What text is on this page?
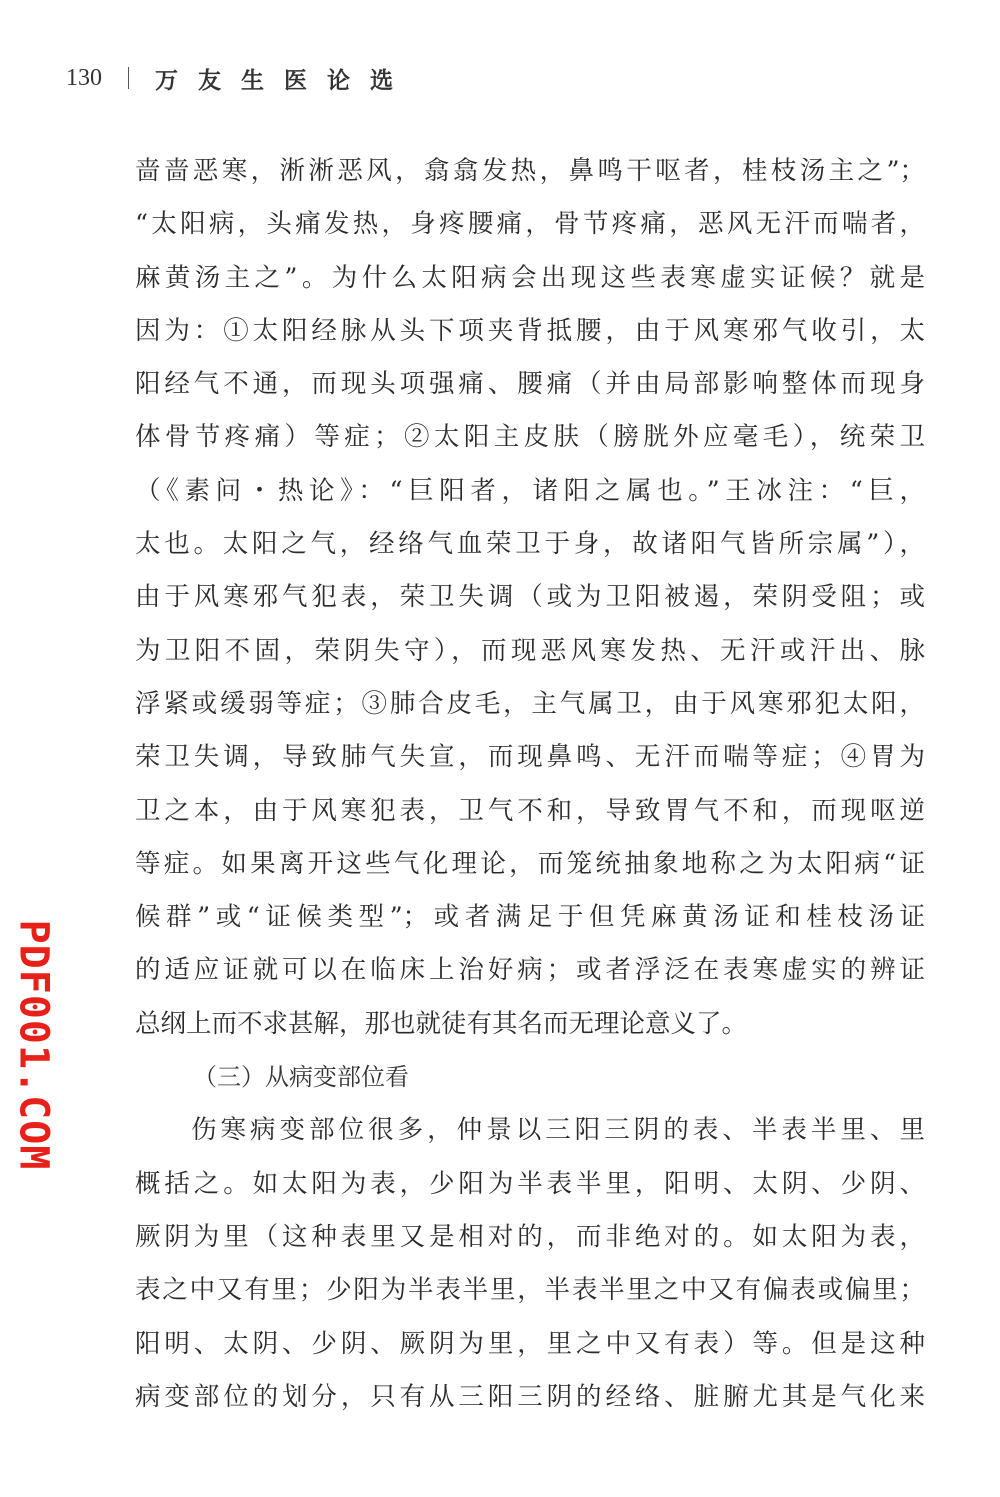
130 万友生医论选
啬啬恶寒，淅淅恶风，翕翕发热，鼻鸣干呕者，桂枝汤主之”；
“太阳病，头痛发热，身疼腰痛，骨节疼痛，恶风无汗而喘者，
麻黄汤主之”。为什么太阳病会出现这些表寒虚实证候？就是
因为：①太阳经脉从头下项夹背抵腰，由于风寒邪气收引，太
阳经气不通，而现头项强痛、腰痛（并由局部影响整体而现身
体骨节疼痛）等症；②太阳主皮肤（膀胱外应毫毛），统荣卫
（《素问・热论》：“巨阳者，诸阳之属也。”王冰注：“巨，
太也。太阳之气，经络气血荣卫于身，故诸阳气皆所宗属”），
由于风寒邪气犯表，荣卫失调（或为卫阳被遏，荣阴受阻；或
为卫阳不固，荣阴失守），而现恶风寒发热、无汗或汗出、脉
浮紧或缓弱等症；③肺合皮毛，主气属卫，由于风寒邪犯太阳，
荣卫失调，导致肺气失宣，而现鼻鸣、无汗而喘等症；④胃为
卫之本，由于风寒犯表，卫气不和，导致胃气不和，而现呕逆
等症。如果离开这些气化理论，而笼统抽象地称之为太阳病“证
候群”或“证候类型”；或者满足于但凭麻黄汤证和桂枝汤证
的适应证就可以在临床上治好病；或者浮泛在表寒虚实的辨证
总纲上而不求甚解，那也就徒有其名而无理论意义了。
（三）从病变部位看
伤寒病变部位很多，仲景以三阳三阴的表、半表半里、里
概括之。如太阳为表，少阳为半表半里，阳明、太阴、少阴、
厥阴为里（这种表里又是相对的，而非绝对的。如太阳为表，
表之中又有里；少阳为半表半里，半表半里之中又有偏表或偏里；
阳明、太阴、少阴、厥阴为里，里之中又有表）等。但是这种
病变部位的划分，只有从三阳三阴的经络、脏腑尤其是气化来
PDF001.COM
